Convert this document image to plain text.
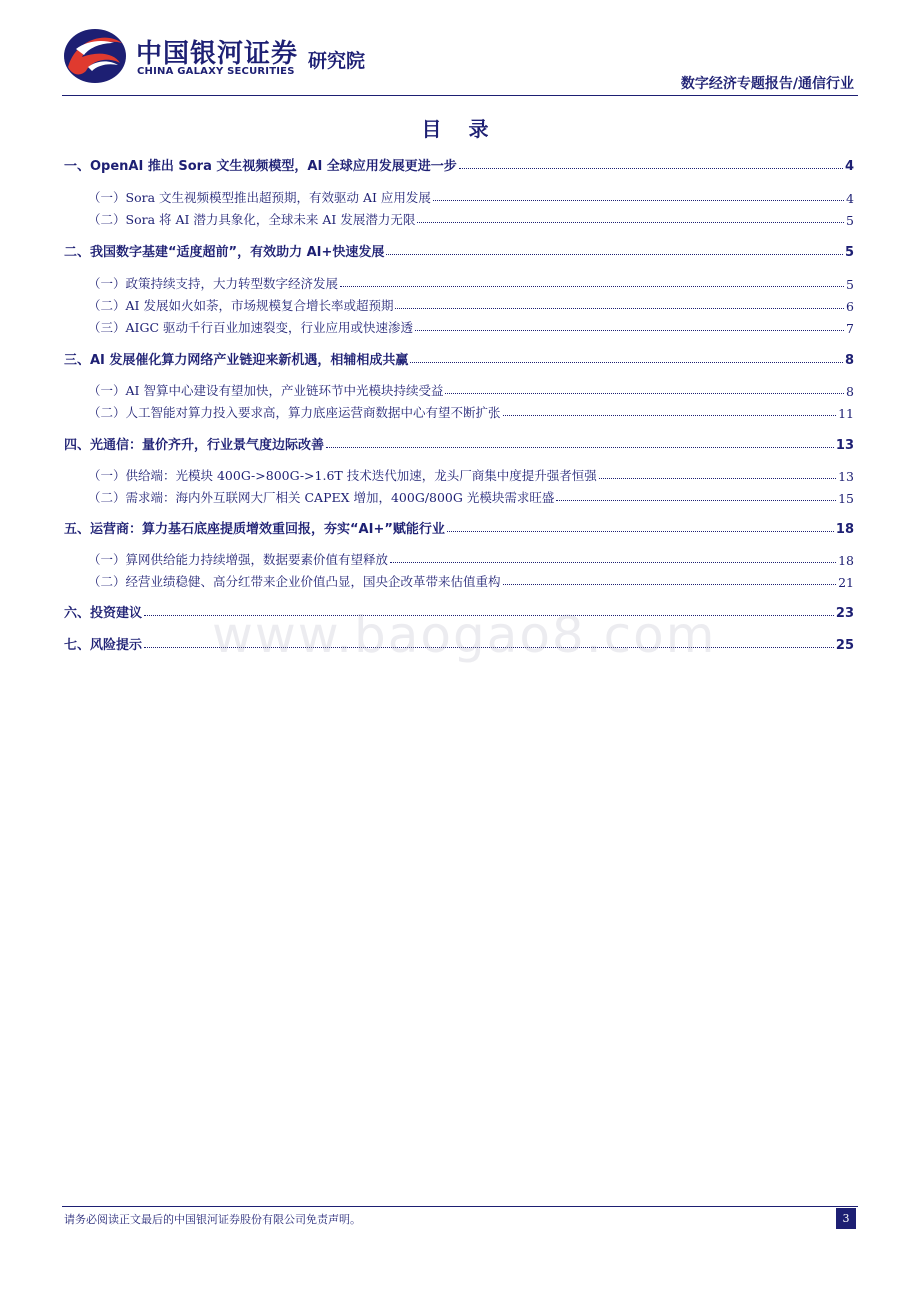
中国银河证券
CHINA GALAXY SECURITIES 研究院
数字经济专题报告/通信行业
目 录
一、OpenAI 推出 Sora 文生视频模型，AI 全球应用发展更进一步	4
（一）Sora 文生视频模型推出超预期，有效驱动 AI 应用发展	4
（二）Sora 将 AI 潜力具象化，全球未来 AI 发展潜力无限	5
二、我国数字基建“适度超前”，有效助力 AI+快速发展	5
（一）政策持续支持，大力转型数字经济发展	5
（二）AI 发展如火如荼，市场规模复合增长率或超预期	6
（三）AIGC 驱动千行百业加速裂变，行业应用或快速渗透	7
三、AI 发展催化算力网络产业链迎来新机遇，相辅相成共赢	8
（一）AI 智算中心建设有望加快，产业链环节中光模块持续受益	8
（二）人工智能对算力投入要求高，算力底座运营商数据中心有望不断扩张	11
四、光通信：量价齐升，行业景气度边际改善	13
（一）供给端：光模块 400G->800G->1.6T 技术迭代加速，龙头厂商集中度提升强者恒强	13
（二）需求端：海内外互联网大厂相关 CAPEX 增加，400G/800G 光模块需求旺盛	15
五、运营商：算力基石底座提质增效重回报，夯实“AI+”赋能行业	18
（一）算网供给能力持续增强，数据要素价值有望释放	18
（二）经营业绩稳健、高分红带来企业价值凸显，国央企改革带来估值重构	21
六、投资建议	23
七、风险提示	25
www.baogao8.com
请务必阅读正文最后的中国银河证券股份有限公司免责声明。	3
